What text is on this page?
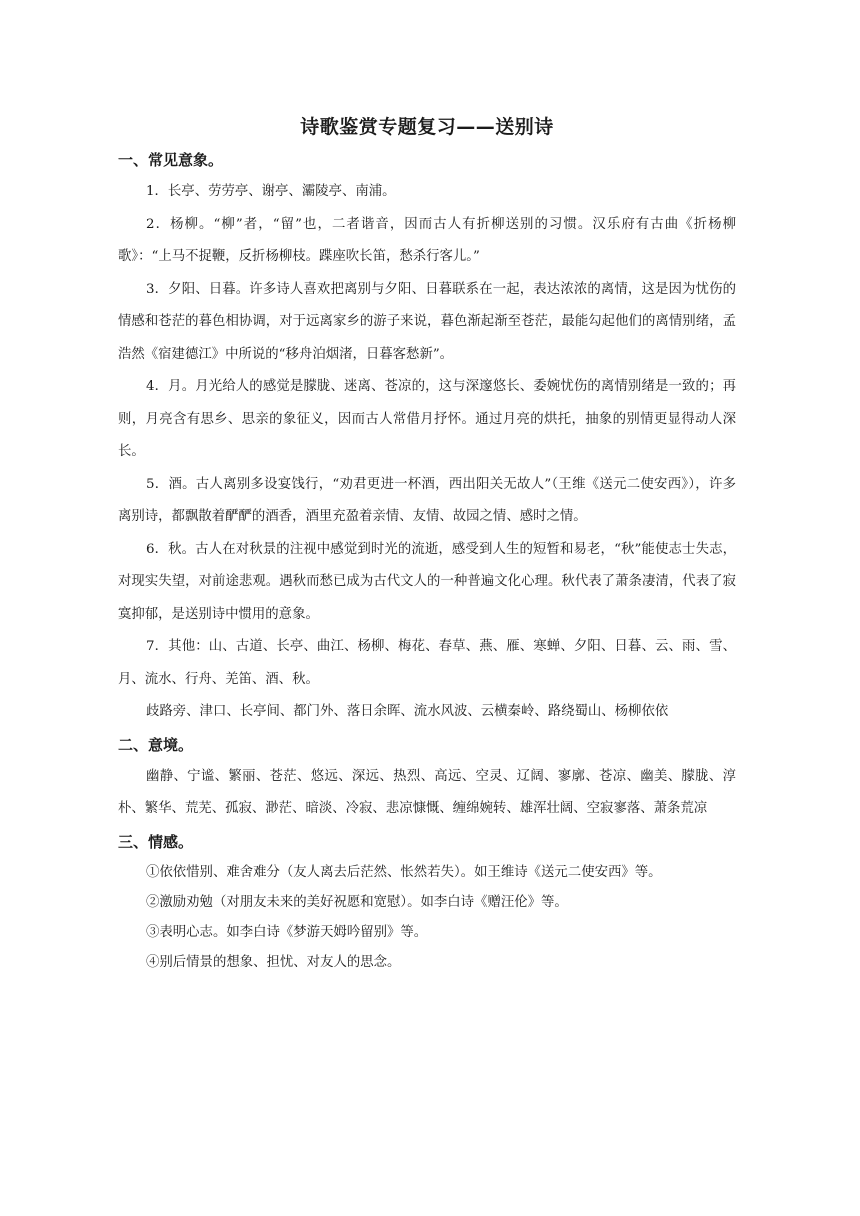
诗歌鉴赏专题复习——送别诗
一、常见意象。

1．长亭、劳劳亭、谢亭、灞陵亭、南浦。

2．杨柳。“柳”者，“留”也，二者谐音，因而古人有折柳送别的习惯。汉乐府有古曲《折杨柳歌》：“上马不捉鞭，反折杨柳枝。蹀座吹长笛，愁杀行客儿。”

3．夕阳、日暮。许多诗人喜欢把离别与夕阳、日暮联系在一起，表达浓浓的离情，这是因为忧伤的情感和苍茫的暮色相协调，对于远离家乡的游子来说，暮色渐起渐至苍茫，最能勾起他们的离情别绪，孟浩然《宿建德江》中所说的“移舟泊烟渚，日暮客愁新”。

4．月。月光给人的感觉是朦胧、迷离、苍凉的，这与深邃悠长、委婉忧伤的离情别绪是一致的；再则，月亮含有思乡、思亲的象征义，因而古人常借月抒怀。通过月亮的烘托，抽象的别情更显得动人深长。

5．酒。古人离别多设宴饯行，“劝君更进一杯酒，西出阳关无故人”（王维《送元二使安西》），许多离别诗，都飘散着酽酽的酒香，酒里充盈着亲情、友情、故园之情、感时之情。

6．秋。古人在对秋景的注视中感觉到时光的流逝，感受到人生的短暂和易老，“秋”能使志士失志，对现实失望，对前途悲观。遇秋而愁已成为古代文人的一种普遍文化心理。秋代表了萧条凄清，代表了寂寞抑郁，是送别诗中惯用的意象。

7．其他：山、古道、长亭、曲江、杨柳、梅花、春草、燕、雁、寒蝉、夕阳、日暮、云、雨、雪、月、流水、行舟、羌笛、酒、秋。

歧路旁、津口、长亭间、都门外、落日余晖、流水风波、云横秦岭、路绕蜀山、杨柳依依

二、意境。

幽静、宁谧、繁丽、苍茫、悠远、深远、热烈、高远、空灵、辽阔、寥廓、苍凉、幽美、朦胧、淳朴、繁华、荒芜、孤寂、渺茫、暗淡、冷寂、悲凉慷慨、缠绵婉转、雄浑壮阔、空寂寥落、萧条荒凉

三、情感。

①依依惜别、难舍难分（友人离去后茫然、怅然若失）。如王维诗《送元二使安西》等。

②激励劝勉（对朋友未来的美好祝愿和宽慰）。如李白诗《赠汪伦》等。

③表明心志。如李白诗《梦游天姆吟留别》等。

④别后情景的想象、担忧、对友人的思念。
